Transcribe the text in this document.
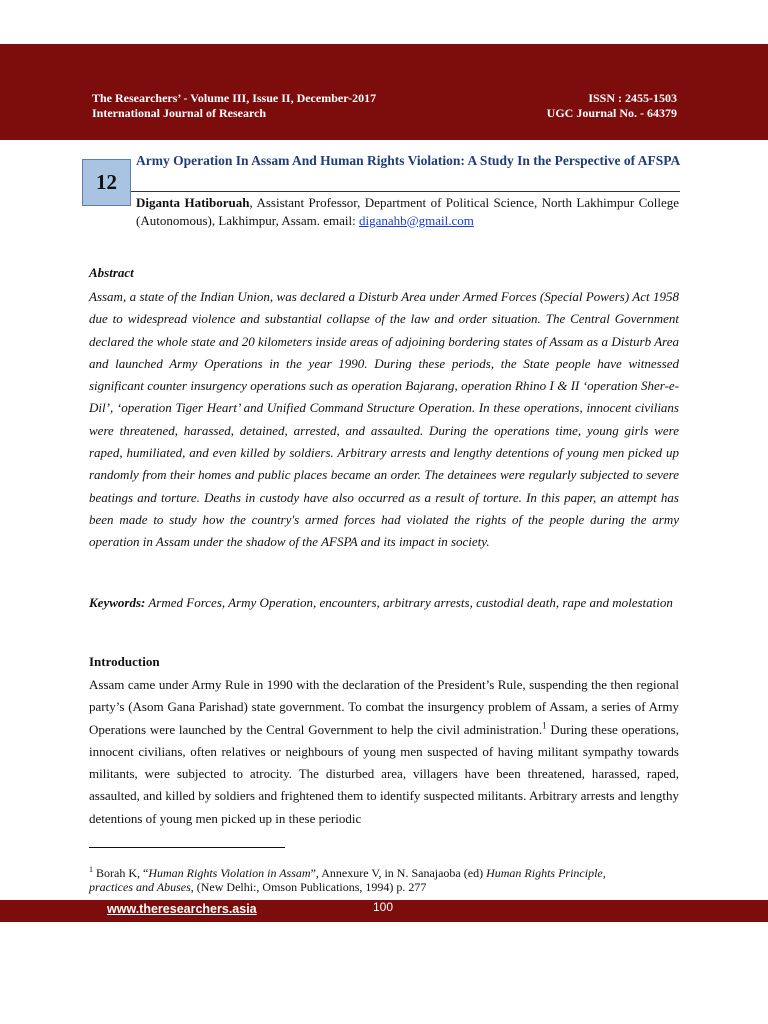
The Researchers’ - Volume III, Issue II, December-2017
International Journal of Research
ISSN : 2455-1503
UGC Journal No. - 64379
12
Army Operation In Assam And Human Rights Violation: A Study In the Perspective of AFSPA
Diganta Hatiboruah, Assistant Professor, Department of Political Science, North Lakhimpur College (Autonomous), Lakhimpur, Assam. email: diganahb@gmail.com
Abstract
Assam, a state of the Indian Union, was declared a Disturb Area under Armed Forces (Special Powers) Act 1958 due to widespread violence and substantial collapse of the law and order situation. The Central Government declared the whole state and 20 kilometers inside areas of adjoining bordering states of Assam as a Disturb Area and launched Army Operations in the year 1990. During these periods, the State people have witnessed significant counter insurgency operations such as operation Bajarang, operation Rhino I & II ‘operation Sher-e- Dil’, ‘operation Tiger Heart’ and Unified Command Structure Operation. In these operations, innocent civilians were threatened, harassed, detained, arrested, and assaulted. During the operations time, young girls were raped, humiliated, and even killed by soldiers. Arbitrary arrests and lengthy detentions of young men picked up randomly from their homes and public places became an order. The detainees were regularly subjected to severe beatings and torture. Deaths in custody have also occurred as a result of torture. In this paper, an attempt has been made to study how the country's armed forces had violated the rights of the people during the army operation in Assam under the shadow of the AFSPA and its impact in society.
Keywords: Armed Forces, Army Operation, encounters, arbitrary arrests, custodial death, rape and molestation
Introduction
Assam came under Army Rule in 1990 with the declaration of the President’s Rule, suspending the then regional party’s (Asom Gana Parishad) state government. To combat the insurgency problem of Assam, a series of Army Operations were launched by the Central Government to help the civil administration.$^1$ During these operations, innocent civilians, often relatives or neighbours of young men suspected of having militant sympathy towards militants, were subjected to atrocity. The disturbed area, villagers have been threatened, harassed, raped, assaulted, and killed by soldiers and frightened them to identify suspected militants. Arbitrary arrests and lengthy detentions of young men picked up in these periodic
$^1$ Borah K, “Human Rights Violation in Assam”, Annexure V, in N. Sanajaoba (ed) Human Rights Principle, practices and Abuses, (New Delhi:, Omson Publications, 1994) p. 277
www.theresearchers.asia	100
